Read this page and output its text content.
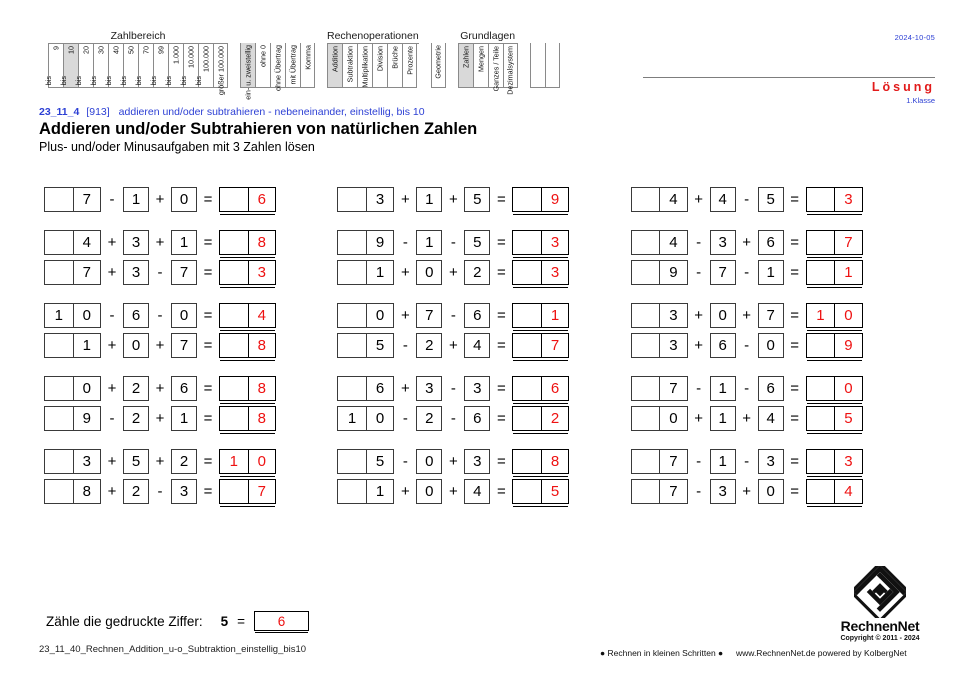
Zahlbereich
9
bis
10
bis
20
bis
30
bis
40
bis
50
bis
70
bis
99
bis
1.000
bis
10.000
bis
100.000
bis größer 100.000	ein- u. zweistellig ohne 0 ohne Übertrag mit Übertrag Komma
Rechenoperationen
Addition Subtraktion Multiplikation Division Brüche Prozente	Geometrie
Grundlagen
Zahlen Mengen Ganzes / Teile Dezimalsystem
2024-10-05
Lösung
1.Klasse
23_11_4 [913] addieren und/oder subtrahieren - nebeneinander, einstellig, bis 10
Addieren und/oder Subtrahieren von natürlichen Zahlen
Plus- und/oder Minusaufgaben mit 3 Zahlen lösen
7	-	1	+	0	=	6
4	+	3	+	1	=	8
7	+	3	-	7	=	3
1	0	-	6	-	0	=	4
1	+	0	+	7	=	8
0	+	2	+	6	=	8
9	-	2	+	1	=	8
3	+	5	+	2	=	1	0
8	+	2	-	3	=	7
3	+	1	+	5	=	9
9	-	1	-	5	=	3
1	+	0	+	2	=	3
0	+	7	-	6	=	1
5	-	2	+	4	=	7
6	+	3	-	3	=	6
1	0	-	2	-	6	=	2
5	-	0	+	3	=	8
1	+	0	+	4	=	5
4	+	4	-	5	=	3
4	-	3	+	6	=	7
9	-	7	-	1	=	1
3	+	0	+	7	=	1	0
3	+	6	-	0	=	9
7	-	1	-	6	=	0
0	+	1	+	4	=	5
7	-	1	-	3	=	3
7	-	3	+	0	=	4
Zähle die gedruckte Ziffer: 5 =	6
23_11_40_Rechnen_Addition_u-o_Subtraktion_einstellig_bis10	● Rechnen in kleinen Schritten ● www.RechnenNet.de powered by KolbergNet
RechnenNet
Copyright © 2011 - 2024
